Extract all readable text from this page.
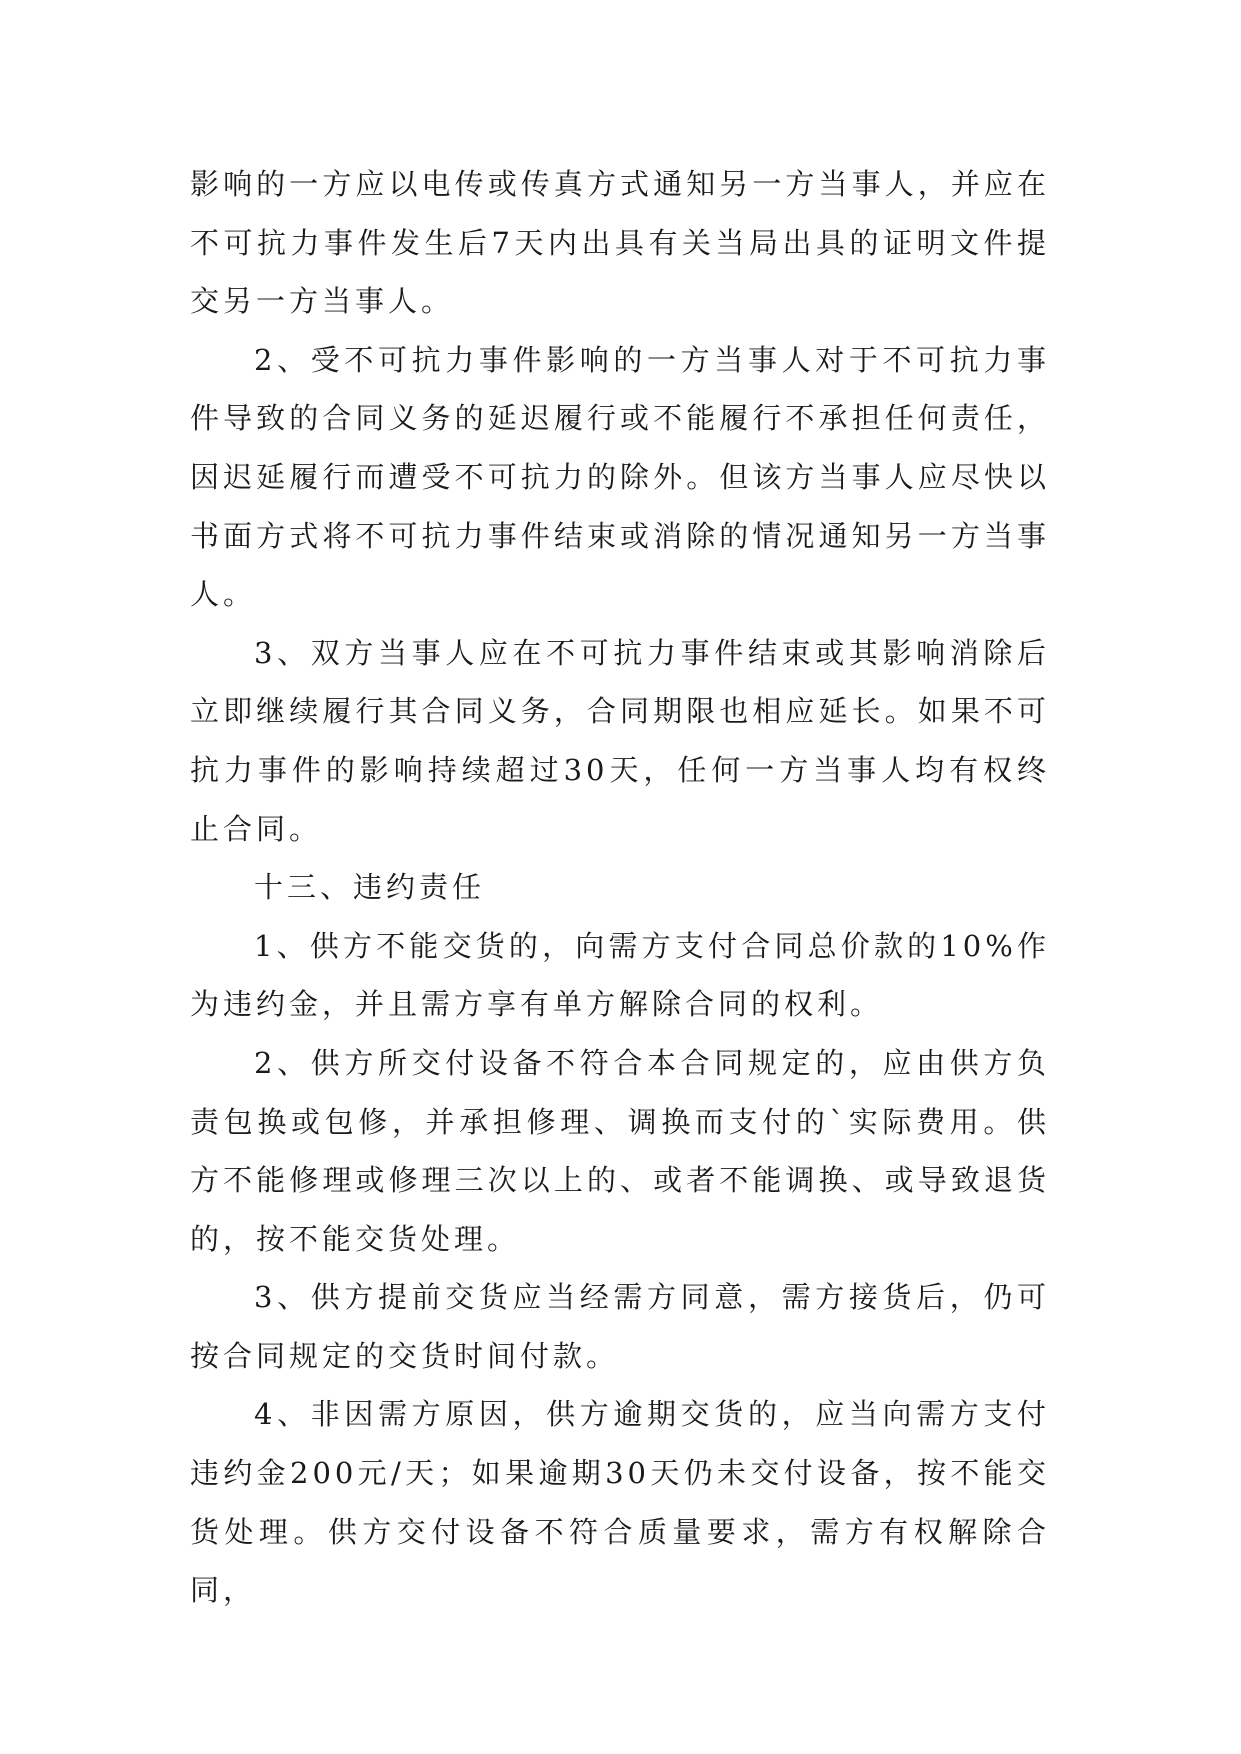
影响的一方应以电传或传真方式通知另一方当事人，并应在不可抗力事件发生后7天内出具有关当局出具的证明文件提交另一方当事人。

2、受不可抗力事件影响的一方当事人对于不可抗力事件导致的合同义务的延迟履行或不能履行不承担任何责任，因迟延履行而遭受不可抗力的除外。但该方当事人应尽快以书面方式将不可抗力事件结束或消除的情况通知另一方当事人。

3、双方当事人应在不可抗力事件结束或其影响消除后立即继续履行其合同义务，合同期限也相应延长。如果不可抗力事件的影响持续超过30天，任何一方当事人均有权终止合同。

十三、违约责任

1、供方不能交货的，向需方支付合同总价款的10%作为违约金，并且需方享有单方解除合同的权利。

2、供方所交付设备不符合本合同规定的，应由供方负责包换或包修，并承担修理、调换而支付的`实际费用。供方不能修理或修理三次以上的、或者不能调换、或导致退货的，按不能交货处理。

3、供方提前交货应当经需方同意，需方接货后，仍可按合同规定的交货时间付款。

4、非因需方原因，供方逾期交货的，应当向需方支付违约金200元/天；如果逾期30天仍未交付设备，按不能交货处理。供方交付设备不符合质量要求，需方有权解除合同，
